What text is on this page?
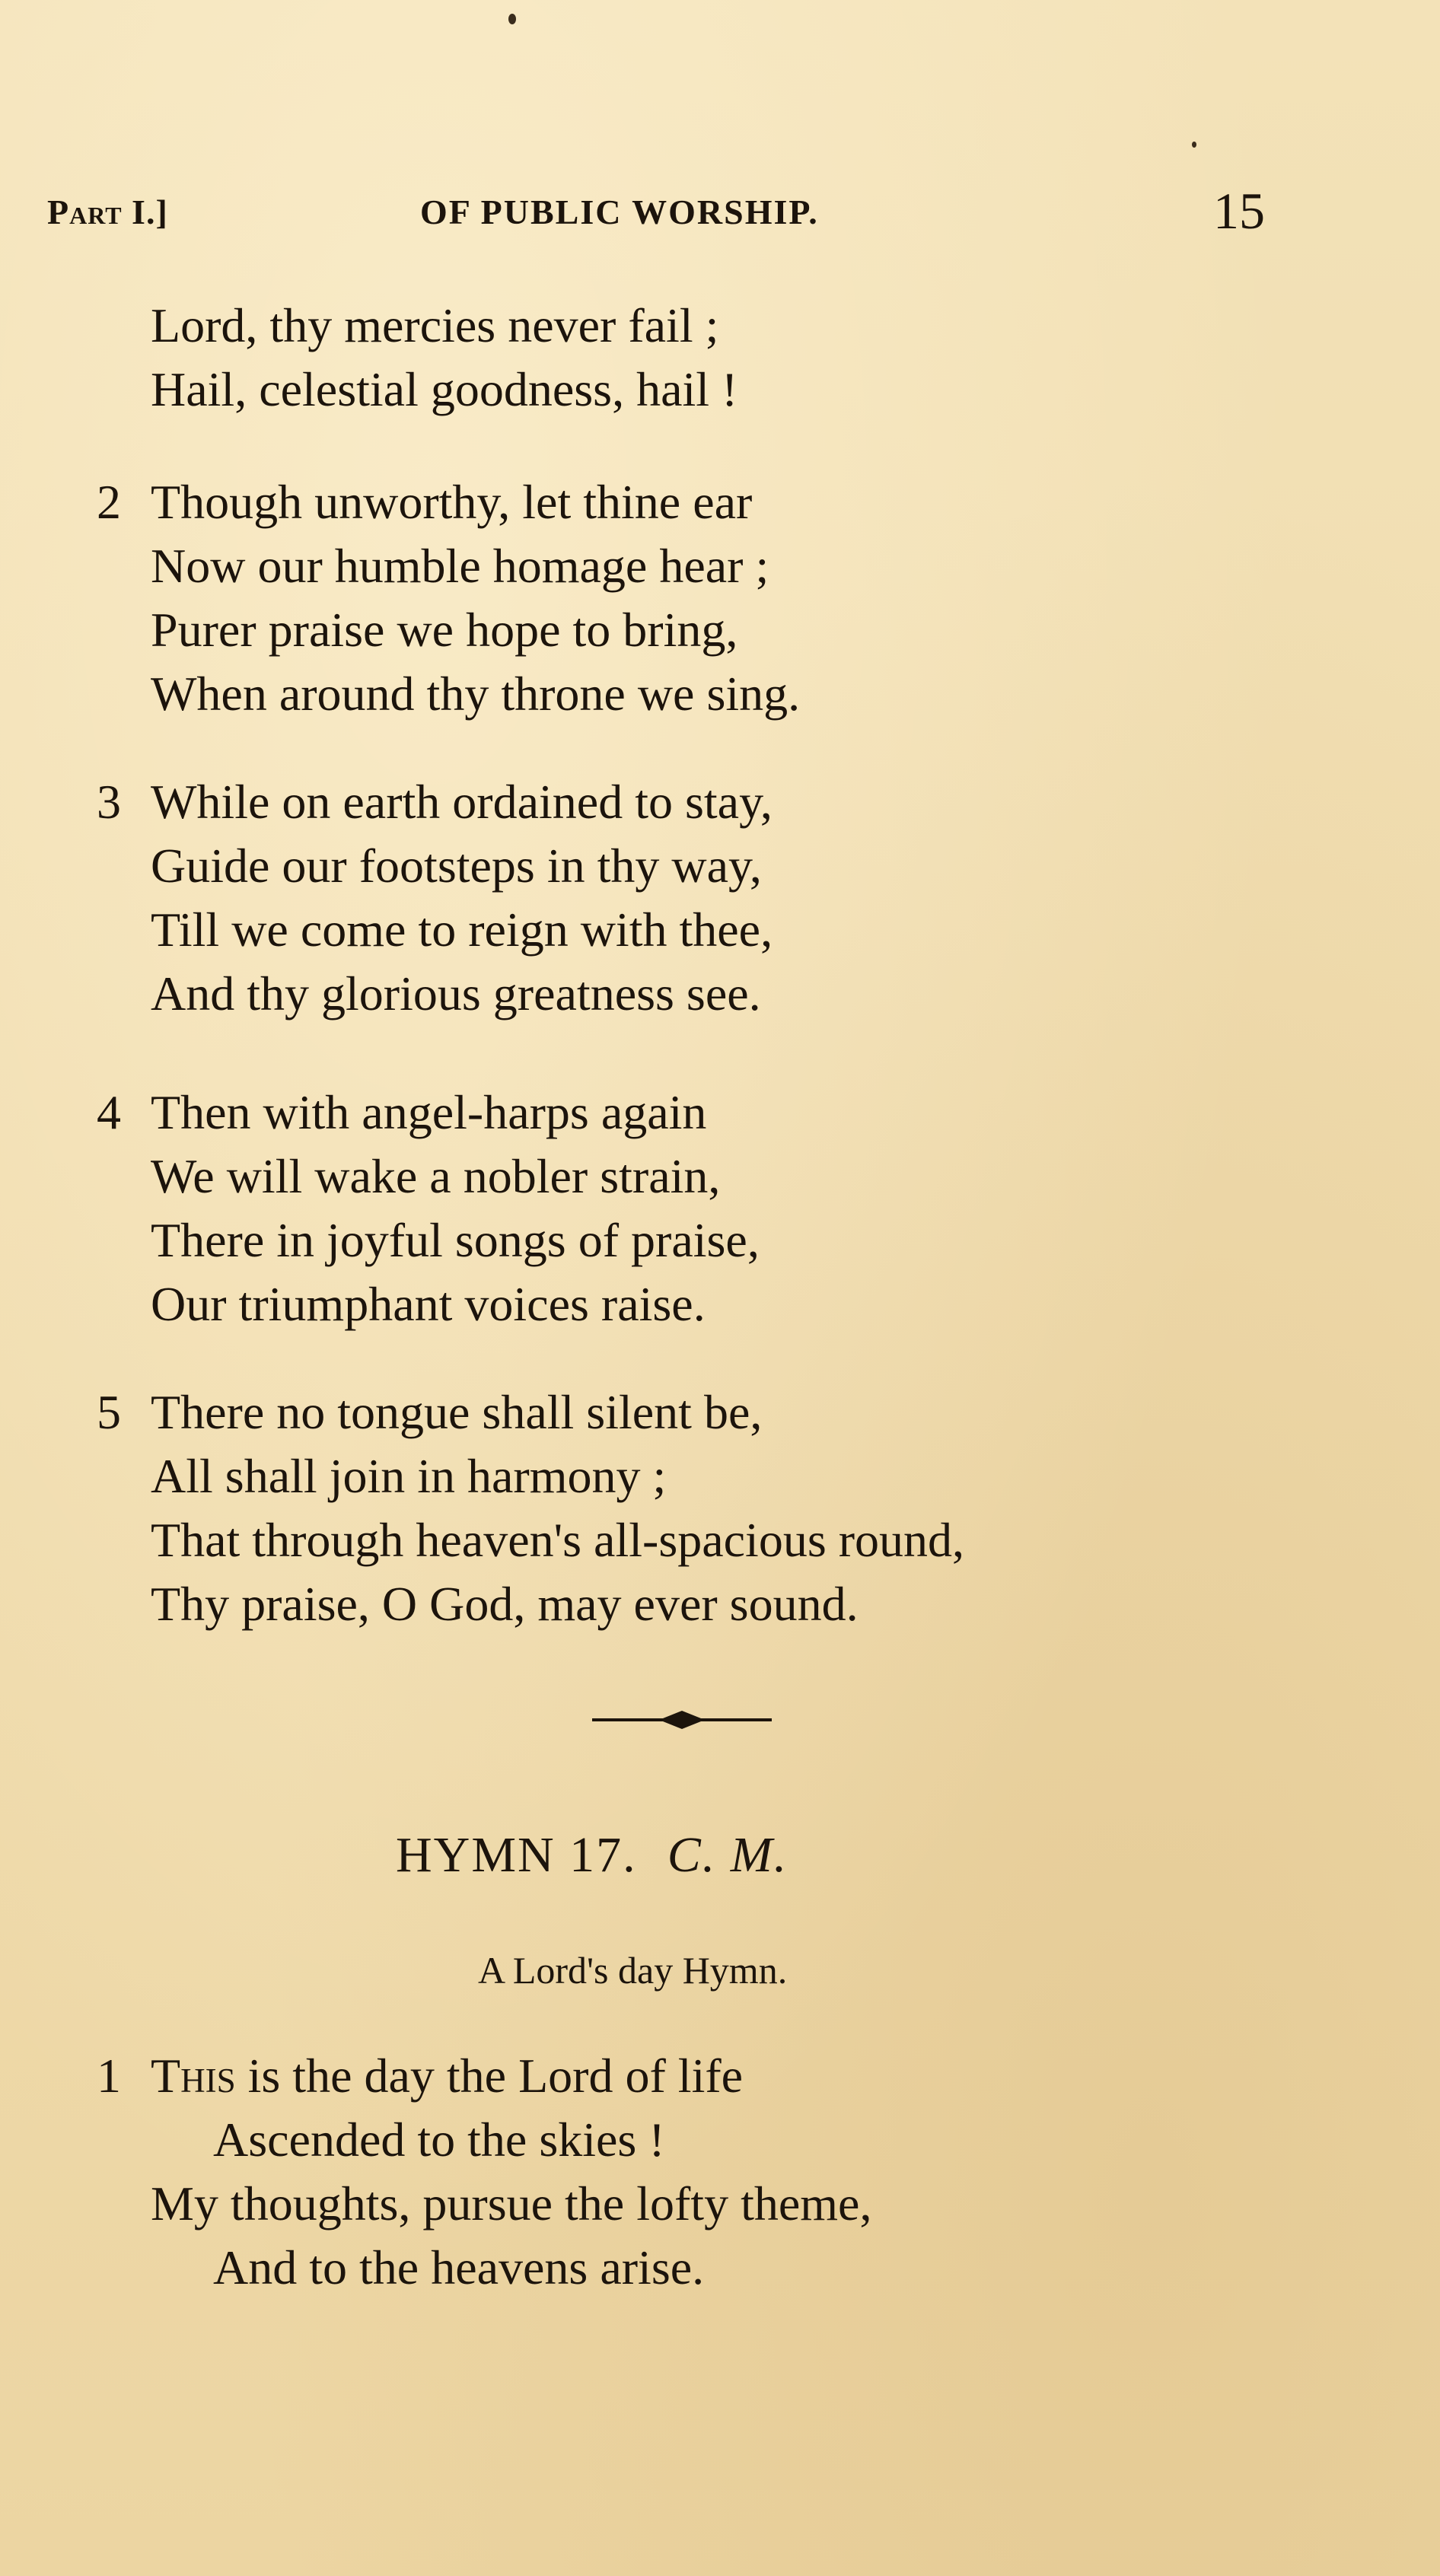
Part I.]	OF PUBLIC WORSHIP.	15
Lord, thy mercies never fail ;
Hail, celestial goodness, hail !
2 Though unworthy, let thine ear
Now our humble homage hear ;
Purer praise we hope to bring,
When around thy throne we sing.
3 While on earth ordained to stay,
Guide our footsteps in thy way,
Till we come to reign with thee,
And thy glorious greatness see.
4 Then with angel-harps again
We will wake a nobler strain,
There in joyful songs of praise,
Our triumphant voices raise.
5 There no tongue shall silent be,
All shall join in harmony ;
That through heaven's all-spacious round,
Thy praise, O God, may ever sound.
HYMN 17. C. M.
A Lord's day Hymn.
1 This is the day the Lord of life
Ascended to the skies !
My thoughts, pursue the lofty theme,
And to the heavens arise.
